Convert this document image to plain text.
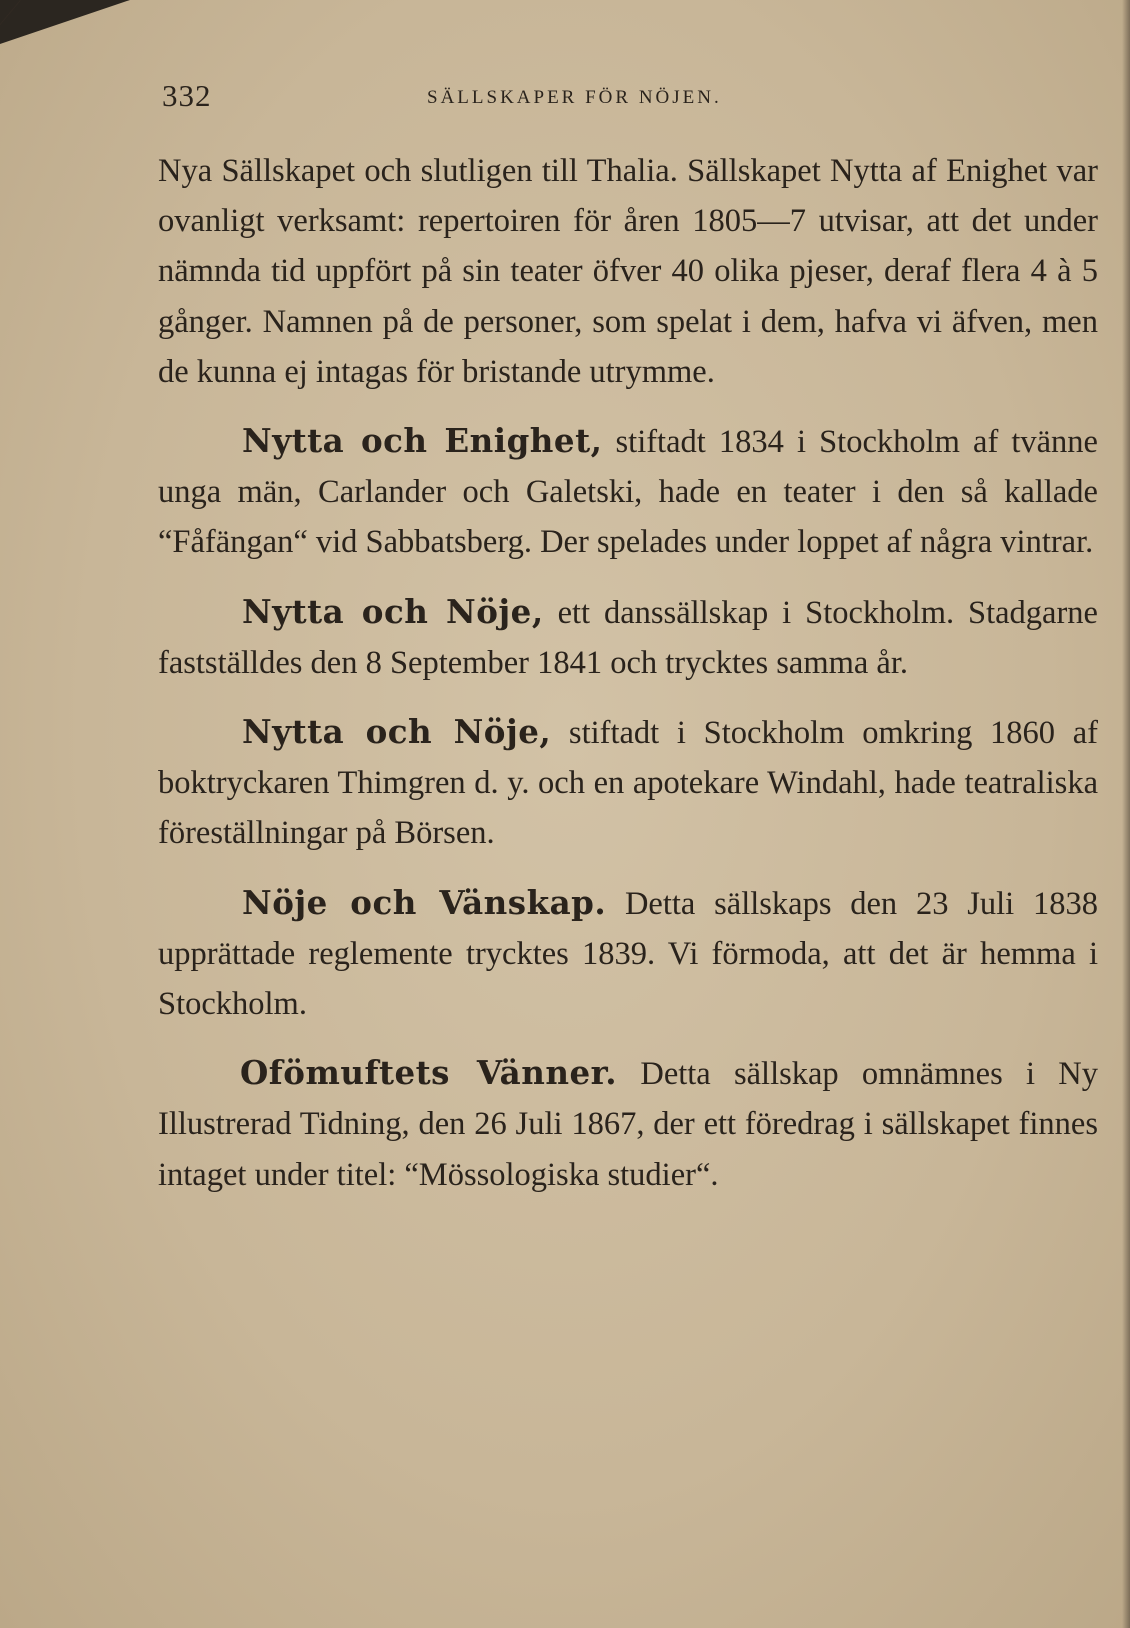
332	SÄLLSKAPER FÖR NÖJEN.

Nya Sällskapet och slutligen till Thalia. Sällskapet Nytta af Enighet var ovanligt verksamt: repertoiren för åren 1805—7 utvisar, att det under nämnda tid uppfört på sin teater öfver 40 olika pjeser, deraf flera 4 à 5 gånger. Namnen på de personer, som spelat i dem, hafva vi äfven, men de kunna ej intagas för bristande utrymme.

Nytta och Enighet, stiftadt 1834 i Stockholm af tvänne unga män, Carlander och Galetski, hade en teater i den så kallade “Fåfängan“ vid Sabbatsberg. Der spelades under loppet af några vintrar.

Nytta och Nöje, ett danssällskap i Stockholm. Stadgarne fastställdes den 8 September 1841 och trycktes samma år.

Nytta och Nöje, stiftadt i Stockholm omkring 1860 af boktryckaren Thimgren d. y. och en apotekare Windahl, hade teatraliska föreställningar på Börsen.

Nöje och Vänskap. Detta sällskaps den 23 Juli 1838 upprättade reglemente trycktes 1839. Vi förmoda, att det är hemma i Stockholm.

Ofömuftets Vänner. Detta sällskap omnämnes i Ny Illustrerad Tidning, den 26 Juli 1867, der ett föredrag i sällskapet finnes intaget under titel: “Mössologiska studier“.
